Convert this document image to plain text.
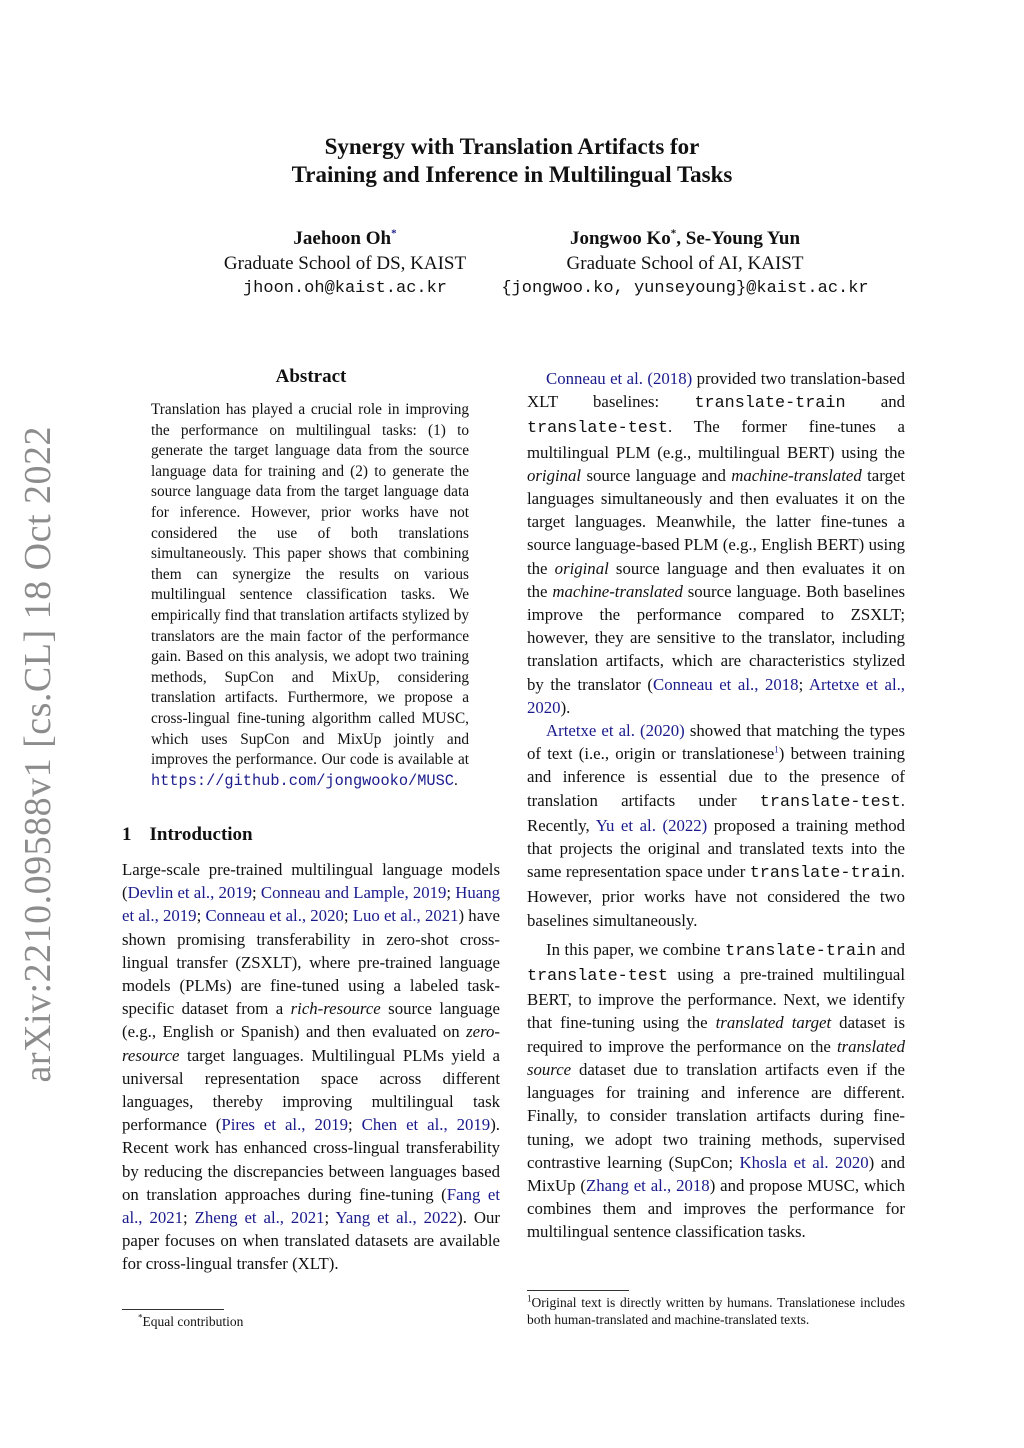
arXiv:2210.09588v1 [cs.CL] 18 Oct 2022
Synergy with Translation Artifacts for
Training and Inference in Multilingual Tasks
Jaehoon Oh*
Graduate School of DS, KAIST
jhoon.oh@kaist.ac.kr
Jongwoo Ko*, Se-Young Yun
Graduate School of AI, KAIST
{jongwoo.ko, yunseyoung}@kaist.ac.kr
Abstract
Translation has played a crucial role in improving the performance on multilingual tasks: (1) to generate the target language data from the source language data for training and (2) to generate the source language data from the target language data for inference. However, prior works have not considered the use of both translations simultaneously. This paper shows that combining them can synergize the results on various multilingual sentence classification tasks. We empirically find that translation artifacts stylized by translators are the main factor of the performance gain. Based on this analysis, we adopt two training methods, SupCon and MixUp, considering translation artifacts. Furthermore, we propose a cross-lingual fine-tuning algorithm called MUSC, which uses SupCon and MixUp jointly and improves the performance. Our code is available at https://github.com/jongwooko/MUSC.
1 Introduction

Large-scale pre-trained multilingual language models (Devlin et al., 2019; Conneau and Lample, 2019; Huang et al., 2019; Conneau et al., 2020; Luo et al., 2021) have shown promising transferability in zero-shot cross-lingual transfer (ZSXLT), where pre-trained language models (PLMs) are fine-tuned using a labeled task-specific dataset from a rich-resource source language (e.g., English or Spanish) and then evaluated on zero-resource target languages. Multilingual PLMs yield a universal representation space across different languages, thereby improving multilingual task performance (Pires et al., 2019; Chen et al., 2019). Recent work has enhanced cross-lingual transferability by reducing the discrepancies between languages based on translation approaches during fine-tuning (Fang et al., 2021; Zheng et al., 2021; Yang et al., 2022). Our paper focuses on when translated datasets are available for cross-lingual transfer (XLT).

Conneau et al. (2018) provided two translation-based XLT baselines: translate-train and translate-test. The former fine-tunes a multilingual PLM (e.g., multilingual BERT) using the original source language and machine-translated target languages simultaneously and then evaluates it on the target languages. Meanwhile, the latter fine-tunes a source language-based PLM (e.g., English BERT) using the original source language and then evaluates it on the machine-translated source language. Both baselines improve the performance compared to ZSXLT; however, they are sensitive to the translator, including translation artifacts, which are characteristics stylized by the translator (Conneau et al., 2018; Artetxe et al., 2020).

Artetxe et al. (2020) showed that matching the types of text (i.e., origin or translationese$^1$) between training and inference is essential due to the presence of translation artifacts under translate-test. Recently, Yu et al. (2022) proposed a training method that projects the original and translated texts into the same representation space under translate-train. However, prior works have not considered the two baselines simultaneously.

In this paper, we combine translate-train and translate-test using a pre-trained multilingual BERT, to improve the performance. Next, we identify that fine-tuning using the translated target dataset is required to improve the performance on the translated source dataset due to translation artifacts even if the languages for training and inference are different. Finally, to consider translation artifacts during fine-tuning, we adopt two training methods, supervised contrastive learning (SupCon; Khosla et al. 2020) and MixUp (Zhang et al., 2018) and propose MUSC, which combines them and improves the performance for multilingual sentence classification tasks.

*Equal contribution
$^1$Original text is directly written by humans. Translationese includes both human-translated and machine-translated texts.
